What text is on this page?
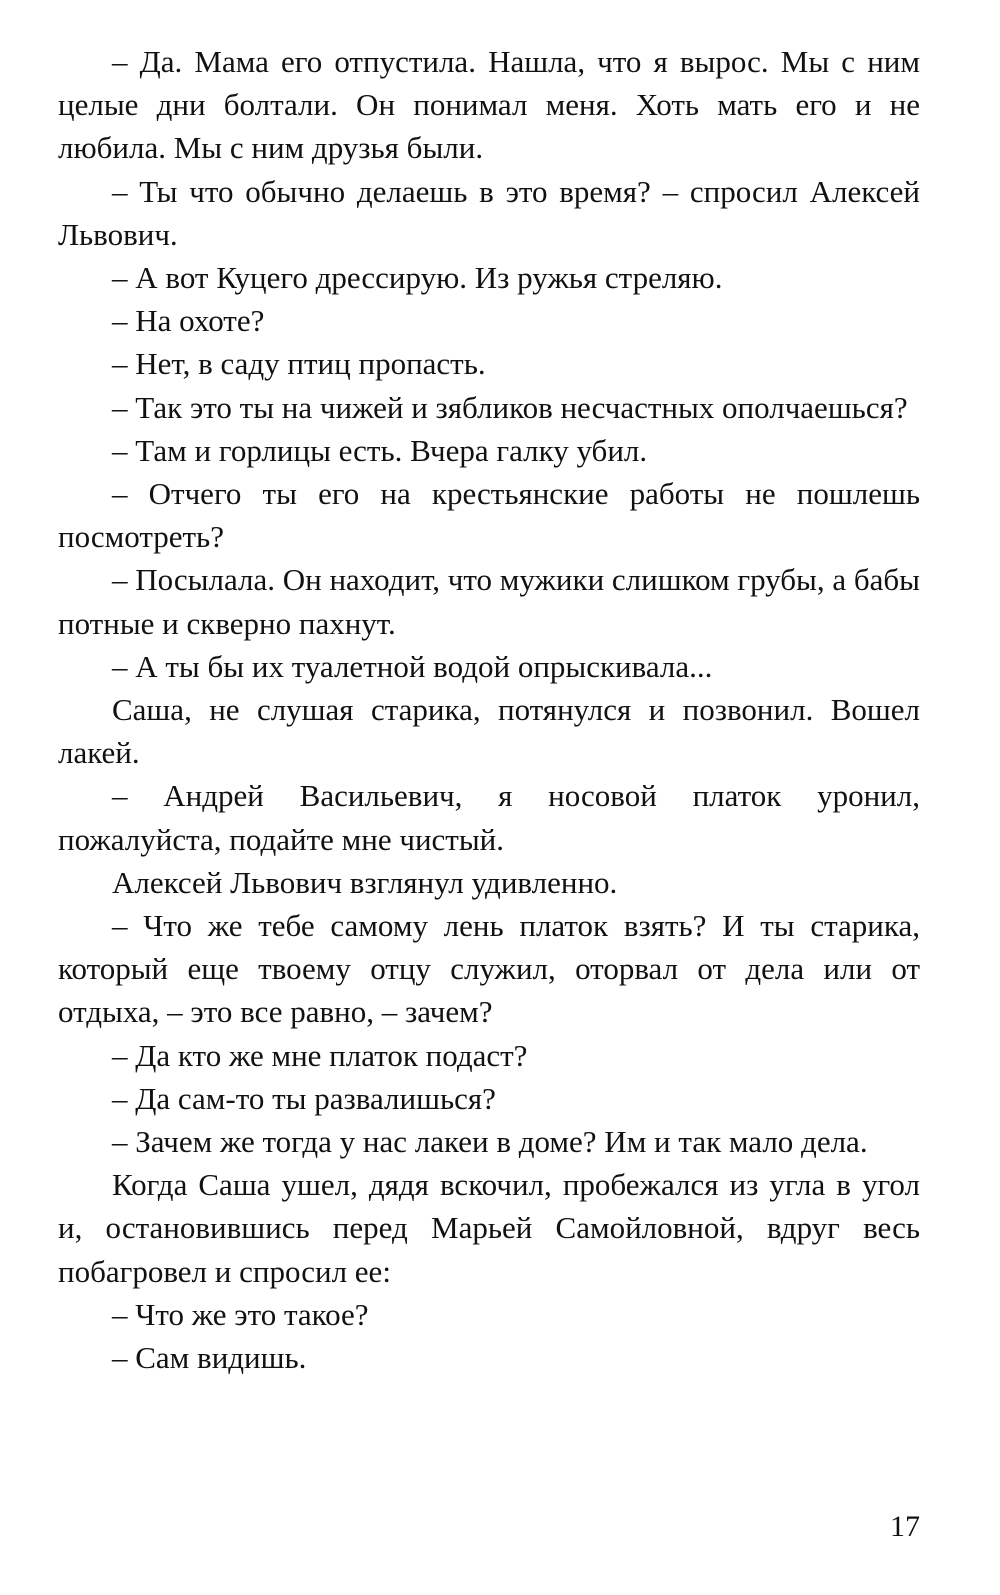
– Да. Мама его отпустила. Нашла, что я вырос. Мы с ним целые дни болтали. Он понимал меня. Хоть мать его и не любила. Мы с ним друзья были.

– Ты что обычно делаешь в это время? – спросил Алексей Львович.

– А вот Куцего дрессирую. Из ружья стреляю.

– На охоте?

– Нет, в саду птиц пропасть.

– Так это ты на чижей и зябликов несчастных ополчаешься?

– Там и горлицы есть. Вчера галку убил.

– Отчего ты его на крестьянские работы не пошлешь посмотреть?

– Посылала. Он находит, что мужики слишком грубы, а бабы потные и скверно пахнут.

– А ты бы их туалетной водой опрыскивала...

Саша, не слушая старика, потянулся и позвонил. Вошел лакей.

– Андрей Васильевич, я носовой платок уронил, пожалуйста, подайте мне чистый.

Алексей Львович взглянул удивленно.

– Что же тебе самому лень платок взять? И ты старика, который еще твоему отцу служил, оторвал от дела или от отдыха, – это все равно, – зачем?

– Да кто же мне платок подаст?

– Да сам-то ты развалишься?

– Зачем же тогда у нас лакеи в доме? Им и так мало дела.

Когда Саша ушел, дядя вскочил, пробежался из угла в угол и, остановившись перед Марьей Самойловной, вдруг весь побагровел и спросил ее:

– Что же это такое?

– Сам видишь.

17
